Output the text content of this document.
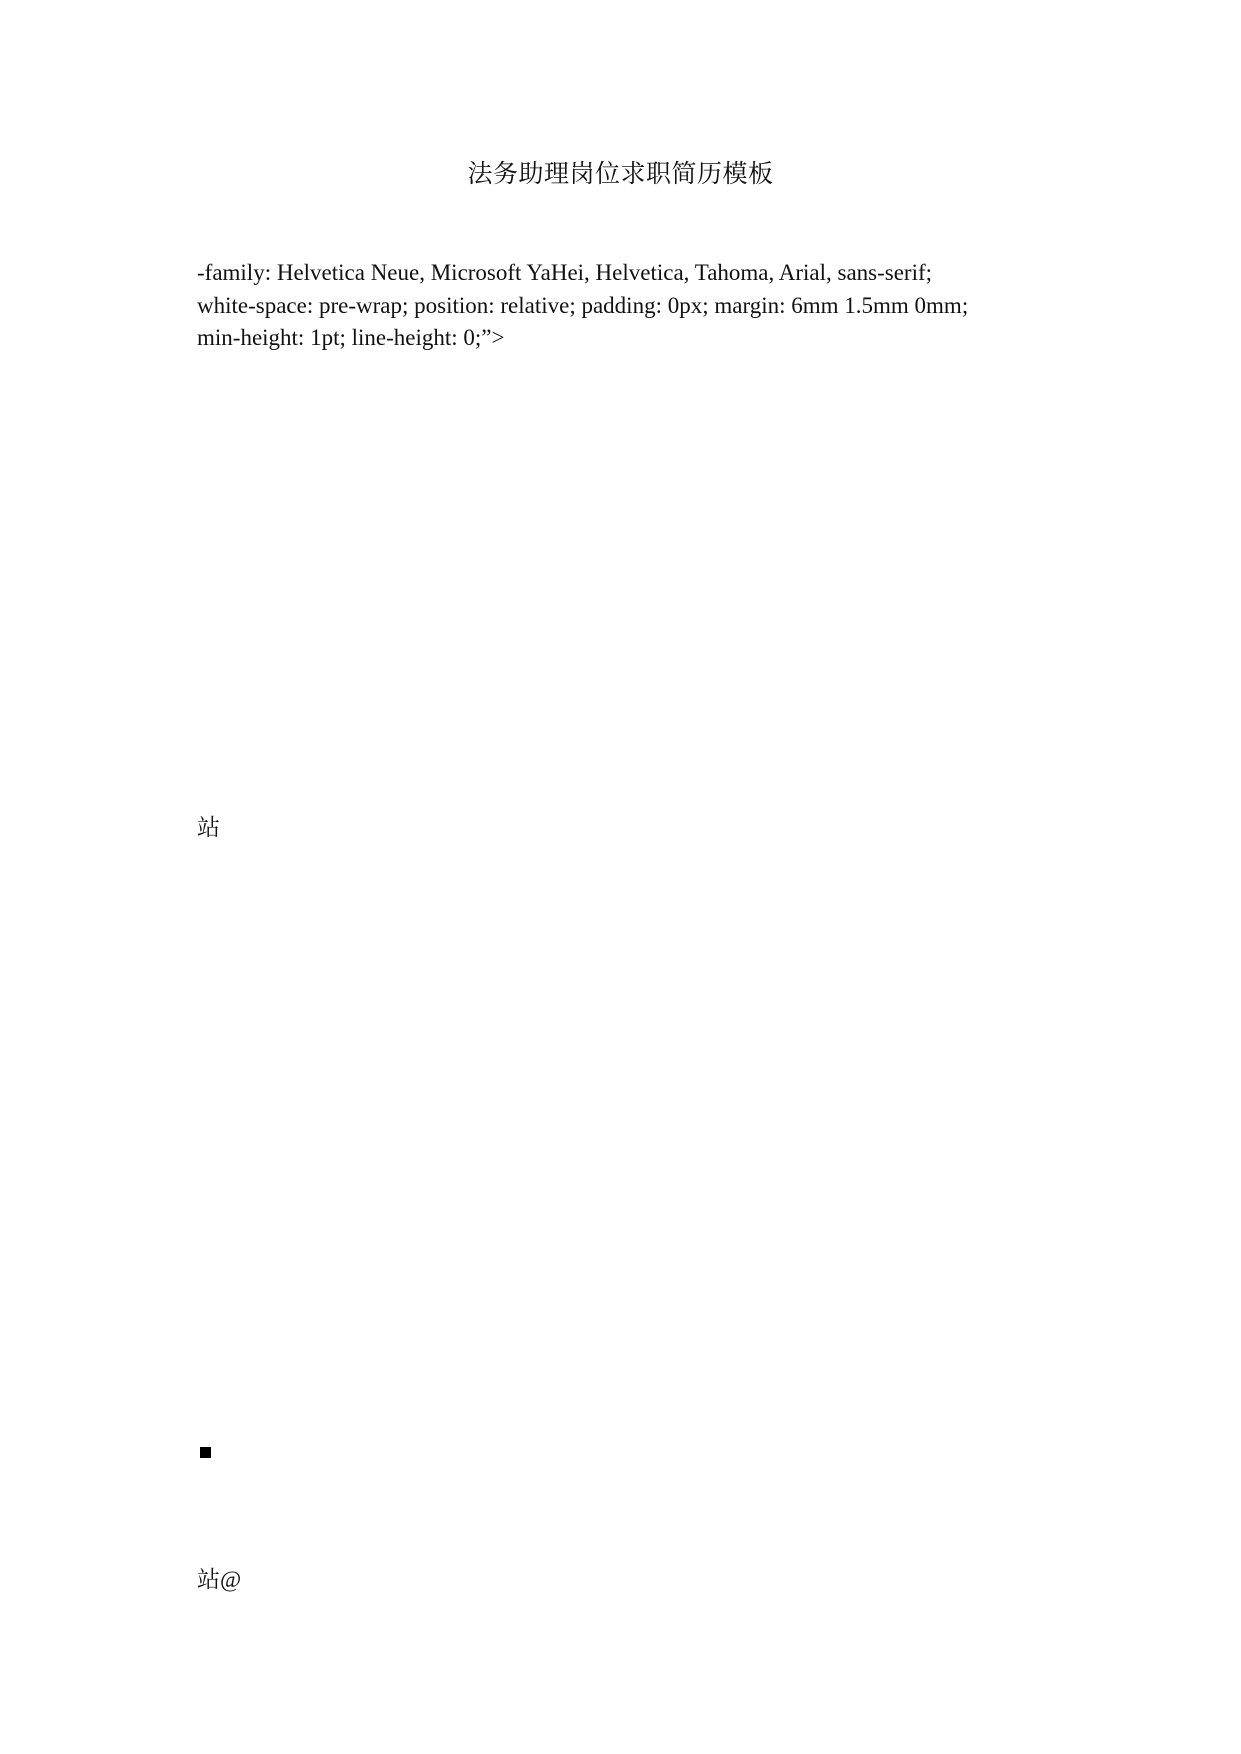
法务助理岗位求职简历模板
-family: Helvetica Neue, Microsoft YaHei, Helvetica, Tahoma, Arial, sans-serif;
white-space: pre-wrap; position: relative; padding: 0px; margin: 6mm 1.5mm 0mm;
min-height: 1pt; line-height: 0;”>
站
站@
